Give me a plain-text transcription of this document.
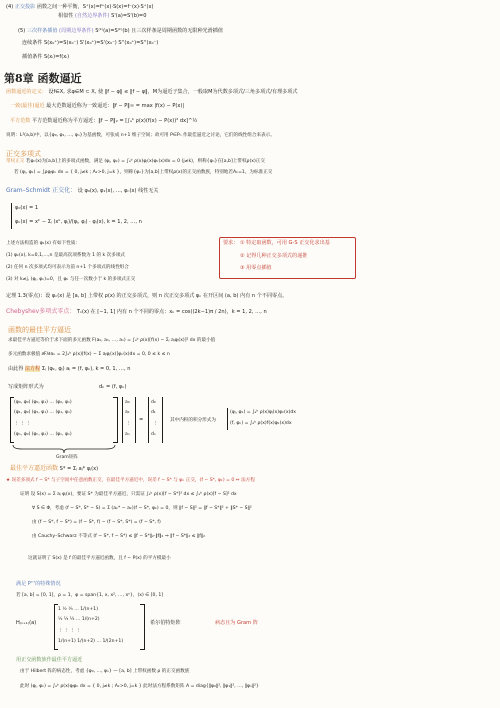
(4) 正交投影 函数之间一种平衡，S⁺(x)=f⁺(x)·S(x)=f⁻(x)·S⁺(x)
相似性 (自然边界条件) S'(a)=S'(b)=0
(5) 三次样条插值 (周期边界条件) S⁽ᵏ⁾(a)=S⁽ᵏ⁾(b) 且三次样条是周期函数的无限种光滑插值
连续条件 S(x₀⁺)=S(x₀⁻) S'(x₀⁺)=S'(x₀⁻) S''(x₀⁺)=S''(x₀⁻)
插值条件 S(xᵢ)=f(xᵢ)
第8章 函数逼近
函数逼近的定义： 设f∈X, 求φ∈M ⊂ X, 使 ‖f − φ‖ ≤ ‖f − ψ‖，M为逼近子集合，一般取M为代数多项式/三角多项式/有理多项式
一致(最佳)逼近 最大范数逼近称为一致逼近：‖f − P‖∞ = max |f(x) − P(x)|
平方范数 平方范数逼近称为平方逼近：‖f − P‖₂ = [∫ₐᵇ ρ(x)(f(x) − P(x))² dx]^½
说明：L²(a,b)中，以{φ₀, φ₁, …, φₙ}为基函数，可张成 n+1 维子空间；故可用 P∈Pₙ 作最佳逼近之讨论，它们的线性组合来表示。
正交多项式
带权正交 若φₙ(x)为[a,b]上的多项式函数，满足 (φⱼ, φₖ) = ∫ₐᵇ ρ(x)φⱼ(x)φₖ(x)dx = 0 (j≠k)，则称{φₙ}在[a,b]上带权ρ(x)正交
若 (φⱼ, φₖ) = ∫ρφⱼφₖ dx = { 0, j≠k ; Aₖ>0, j=k }，则称{φₙ}为[a,b]上带权ρ(x)的正交函数族，特别地若Aₖ=1，为标准正交
Gram–Schmidt 正交化： 设 φ₀(x), φ₁(x), …, φₙ(x) 线性无关
φ₀(x) = 1
φₖ(x) = xᵏ − Σⱼ (xᵏ, φⱼ)/(φⱼ, φⱼ) · φⱼ(x), k = 1, 2, …, n
要求： ① 特定取函数，可用 G-S 正交化求出基
② 记得几种正交多项式的递推
③ 用零点插值
上述方法构造的 φₖ(x) 有如下性质：
(1) φₖ(x), k=0,1,…,n 是最高次项系数为 1 的 k 次多项式
(2) 任何 n 次多项式均可表示为前 n+1 个多项式的线性组合
(3) 对 k≠j, (φⱼ, φₖ)=0，且 φₖ 与任一次数小于 k 的多项式正交
定理 1.3(零点)：设 φₙ(x) 是 [a, b] 上带权 ρ(x) 的正交多项式，则 n 次正交多项式 φₙ 在开区间 (a, b) 内有 n 个不同零点。
Chebyshev多项式零点： Tₙ(x) 在 [−1, 1] 内有 n 个不同的零点：xₖ = cos((2k−1)π / 2n)，k = 1, 2, …, n
函数的最佳平方逼近
求最佳平方逼近等价于求下面的多元函数 F(a₀, a₁, …, aₙ) = ∫ₐᵇ ρ(x)[f(x) − Σⱼ aⱼφⱼ(x)]² dx 的最小值
多元函数求极值 ∂F/∂aₖ = 2∫ₐᵇ ρ(x)[f(x) − Σ aⱼφⱼ(x)]φₖ(x)dx = 0, 0 ≤ k ≤ n
由此得 法方程 Σⱼ (φₖ, φⱼ) aⱼ = (f, φₖ), k = 0, 1, …, n
写成矩阵形式为	dₖ = (f, φₖ)
(φ₀, φ₀) (φ₀, φ₁) … (φ₀, φₙ)
(φ₁, φ₀) (φ₁, φ₁) … (φ₁, φₙ)
⋮ ⋮ ⋮
(φₙ, φ₀) (φₙ, φ₁) … (φₙ, φₙ)
a₀
a₁
⋮
aₙ
=
d₀
d₁
⋮
dₙ
Gram矩阵
其中内积的积分形式为
(φⱼ, φₖ) = ∫ₐᵇ ρ(x)φⱼ(x)φₖ(x)dx
(f, φₖ) = ∫ₐᵇ ρ(x)f(x)φₖ(x)dx
最佳平方逼近函数 S* = Σⱼ aⱼ* φⱼ(x)
★ 误差多项式 f − S* 与子空间中任意函数正交，在最佳平方逼近中，误差 f − S* 与 φₖ 正交，(f − S*, φₖ) = 0 ⇔ 法方程
证明 设 S(x) = Σ aⱼ φⱼ(x)，要证 S* 为最佳平方逼近，只需证 ∫ₐᵇ ρ(x)[f − S*]² dx ≤ ∫ₐᵇ ρ(x)[f − S]² dx
∀ S ∈ Φ，考虑 (f − S*, S* − S) = Σ (aₖ* − aₖ)(f − S*, φₖ) = 0，则 ‖f − S‖² = ‖f − S*‖² + ‖S* − S‖²
由 (f − S*, f − S*) = (f − S*, f) − (f − S*, S*) = (f − S*, f)
由 Cauchy–Schwarz 不等式 (f − S*, f − S*) ≤ ‖f − S*‖₂·‖f‖₂ ⇒ ‖f − S*‖₂ ≤ ‖f‖₂
这就证明了 S(x) 是 f 的最佳平方逼近函数，且 f − P(x) 的平方模最小
满足 P'''的特殊情况
若 [a, b] = [0, 1]，ρ = 1，φ = span{1, x, x², …, xⁿ}，(x) ∈ [0, 1]
H₍ₙ₊₁₎(a)
1 ½ ⅓ … 1/(n+1)
½ ⅓ ¼ … 1/(n+2)
⋮ ⋮ ⋮ ⋮
1/(n+1) 1/(n+2) … 1/(2n+1)
希尔伯特矩阵	病态且为 Gram 阵
用正交函数族作最佳平方逼近
由于 Hilbert 阵的病态性，考虑 {φ₀, …, φₙ} — [a, b] 上带权函数 ρ 的正交函数族
此时 (φⱼ, φₖ) = ∫ₐᵇ ρ(x)φⱼφₖ dx = { 0, j≠k ; Aₖ>0, j=k } 此时法方程系数矩阵 A = diag{‖φ₀‖², ‖φ₁‖², …, ‖φₙ‖²}
